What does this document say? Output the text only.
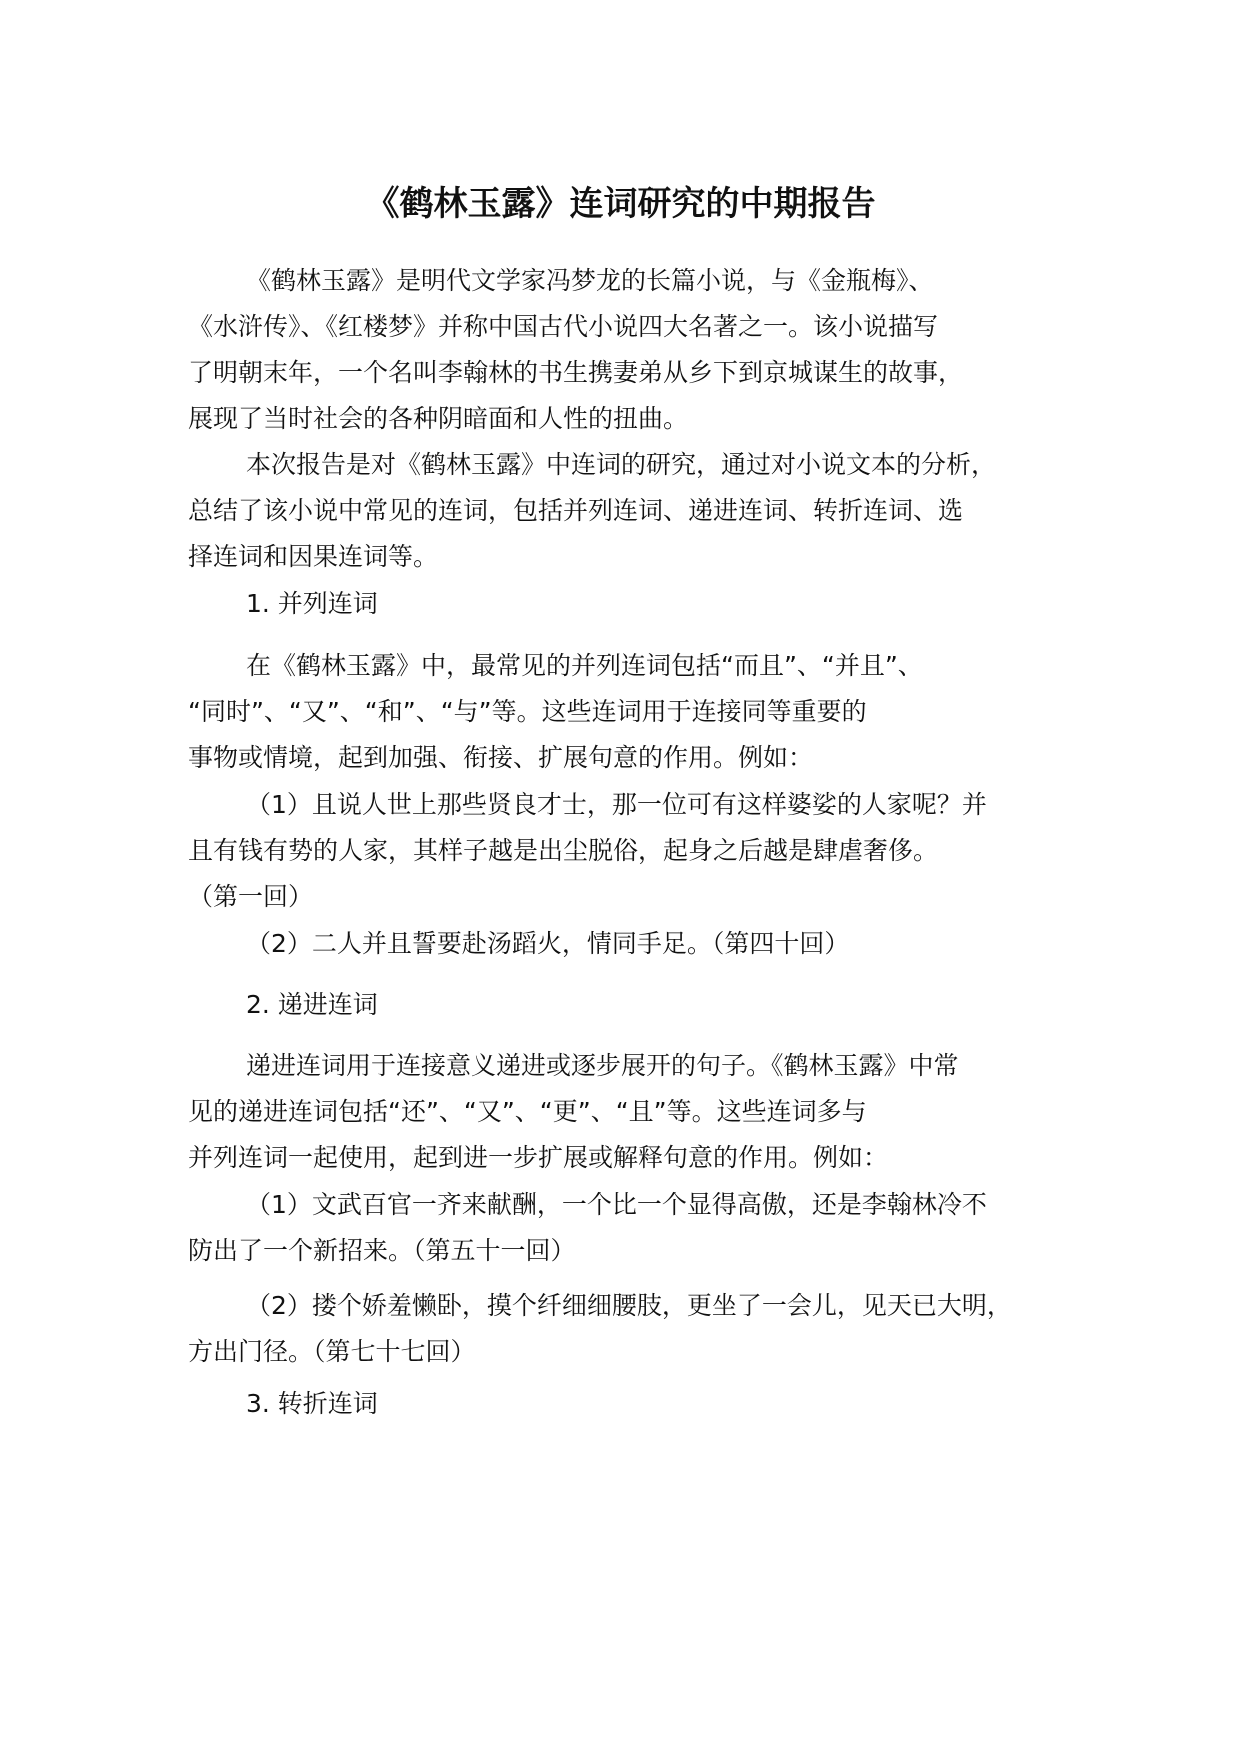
《鹤林玉露》连词研究的中期报告
《鹤林玉露》是明代文学家冯梦龙的长篇小说，与《金瓶梅》、
《水浒传》、《红楼梦》并称中国古代小说四大名著之一。该小说描写
了明朝末年，一个名叫李翰林的书生携妻弟从乡下到京城谋生的故事，
展现了当时社会的各种阴暗面和人性的扭曲。
本次报告是对《鹤林玉露》中连词的研究，通过对小说文本的分析，
总结了该小说中常见的连词，包括并列连词、递进连词、转折连词、选
择连词和因果连词等。
1. 并列连词
在《鹤林玉露》中，最常见的并列连词包括“而且”、“并且”、
“同时”、“又”、“和”、“与”等。这些连词用于连接同等重要的
事物或情境，起到加强、衔接、扩展句意的作用。例如：
（1）且说人世上那些贤良才士，那一位可有这样婆娑的人家呢？并
且有钱有势的人家，其样子越是出尘脱俗，起身之后越是肆虐奢侈。
（第一回）
（2）二人并且誓要赴汤蹈火，情同手足。（第四十回）
2. 递进连词
递进连词用于连接意义递进或逐步展开的句子。《鹤林玉露》中常
见的递进连词包括“还”、“又”、“更”、“且”等。这些连词多与
并列连词一起使用，起到进一步扩展或解释句意的作用。例如：
（1）文武百官一齐来献酬，一个比一个显得高傲，还是李翰林冷不
防出了一个新招来。（第五十一回）
（2）搂个娇羞懒卧，摸个纤细细腰肢，更坐了一会儿，见天已大明，
方出门径。（第七十七回）
3. 转折连词
